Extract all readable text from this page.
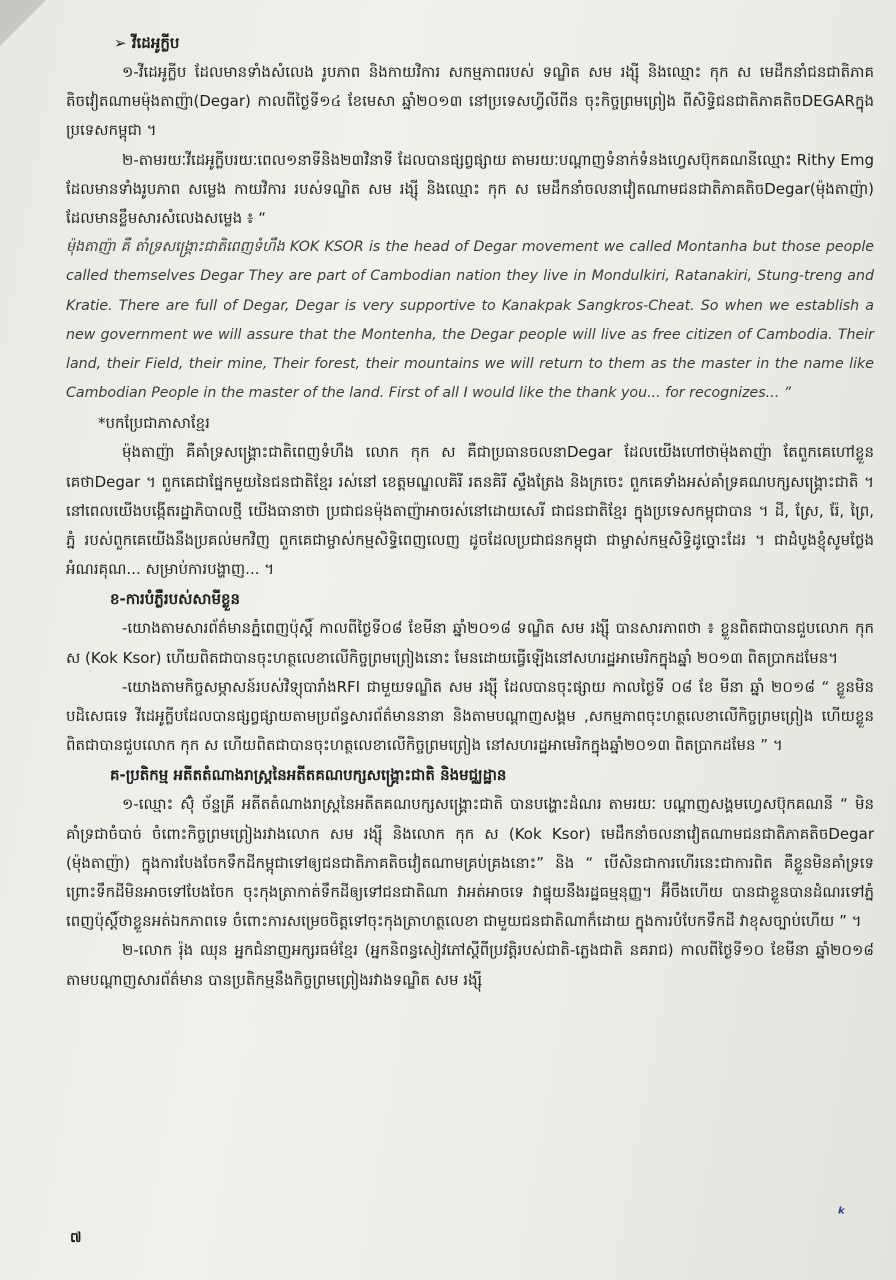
➢ វីដេអូក្លីប

១-វីដេអូក្លីប ដែលមានទាំងសំលេង រូបភាព និងកាយវិការ សកម្មភាពរបស់ ទណ្ឌិត សម រង្ស៊ី និងឈ្មោះ កុក ស មេដឹកនាំជនជាតិភាគតិចវៀតណាមម៉ុងតាញ៉ា(Degar) កាលពីថ្ងៃទី១៤ ខែមេសា ឆ្នាំ២០១៣ នៅប្រទេសហ្វីលីពីន ចុះកិច្ចព្រមព្រៀង ពីសិទ្ធិជនជាតិភាគតិចDEGARក្នុងប្រទេសកម្ពុជា ។

២-តាមរយៈវីដេអូក្លីបរយៈពេល១នាទីនិង២៣វិនាទី ដែលបានផ្សព្វផ្សាយ តាមរយៈបណ្តាញទំនាក់ទំនងហ្វេសប៊ុកគណនីឈ្មោះ Rithy Emg ដែលមានទាំងរូបភាព សម្លេង កាយវិការ របស់ទណ្ឌិត សម រង្ស៊ី និងឈ្មោះ កុក ស មេដឹកនាំចលនាវៀតណាមជនជាតិភាគតិចDegar(ម៉ុងតាញ៉ា) ដែលមានខ្លឹមសារសំលេងសម្លេង ៖ “

ម៉ុងតាញ៉ា គឺ តាំទ្រសង្គ្រោះជាតិពេញទំហឹង KOK KSOR is the head of Degar movement we called Montanha but those people called themselves Degar They are part of Cambodian nation they live in Mondulkiri, Ratanakiri, Stung-treng and Kratie. There are full of Degar, Degar is very supportive to Kanakpak Sangkros-Cheat. So when we establish a new government we will assure that the Montenha, the Degar people will live as free citizen of Cambodia. Their land, their Field, their mine, Their forest, their mountains we will return to them as the master in the name like Cambodian People in the master of the land. First of all I would like the thank you... for recognizes... ”

*បកប្រែជាភាសាខ្មែរ

ម៉ុងតាញ៉ា គឺគាំទ្រសង្គ្រោះជាតិពេញទំហឹង លោក កុក ស គឺជាប្រធានចលនាDegar ដែលយើងហៅថាម៉ុងតាញ៉ា តែពួកគេហៅខ្លួនគេថាDegar ។ ពួកគេជាផ្នែកមួយនៃជនជាតិខ្មែរ រស់នៅ ខេត្តមណ្ឌលគិរី រតនគិរី ស្ទឹងត្រែង និងក្រចេះ ពួកគេទាំងអស់គាំទ្រគណបក្សសង្គ្រោះជាតិ ។ នៅពេលយើងបង្កើតរដ្ឋាភិបាលថ្មី យើងធានាថា ប្រជាជនម៉ុងតាញ៉ាអាចរស់នៅដោយសេរី ជាជនជាតិខ្មែរ ក្នុងប្រទេសកម្ពុជាបាន ។ ដី, ស្រែ, រ៉ែ, ព្រៃ, ភ្នំ របស់ពួកគេយើងនឹងប្រគល់មកវិញ ពួកគេជាម្ចាស់កម្មសិទ្ធិពេញលេញ ដូចដែលប្រជាជនកម្ពុជា ជាម្ចាស់កម្មសិទ្ធិដូច្នោះដែរ ។ ជាដំបូងខ្ញុំសូមថ្លែងអំណរគុណ... សម្រាប់ការបង្ហាញ... ។

ខ-ការបំភ្លឺរបស់សាមីខ្លួន

-យោងតាមសារព័ត៌មានភ្នំពេញប៉ុស្តិ៍ កាលពីថ្ងៃទី០៨ ខែមីនា ឆ្នាំ២០១៨ ទណ្ឌិត សម រង្ស៊ី បានសារភាពថា ៖ ខ្លួនពិតជាបានជួបលោក កុក ស (Kok Ksor) ហើយពិតជាបានចុះហត្ថលេខាលើកិច្ចព្រមព្រៀងនោះ មែនដោយធ្វើឡើងនៅសហរដ្ឋអាមេរិកក្នុងឆ្នាំ ២០១៣ ពិតប្រាកដមែន។

-យោងតាមកិច្ចសម្ភាសន៍របស់វិទ្យុបារាំងRFI ជាមួយទណ្ឌិត សម រង្ស៊ី ដែលបានចុះផ្សាយ កាលថ្ងៃទី ០៨ ខែ មីនា ឆ្នាំ ២០១៨ “ ខ្លួនមិនបដិសេធទេ វីដេអូក្លីបដែលបានផ្សព្វផ្សាយតាមប្រព័ន្ធសារព័ត៌មាននានា និងតាមបណ្តាញសង្គម ,សកម្មភាពចុះហត្ថលេខាលើកិច្ចព្រមព្រៀង ហើយខ្លួនពិតជាបានជួបលោក កុក ស ហើយពិតជាបានចុះហត្ថលេខាលើកិច្ចព្រមព្រៀង នៅសហរដ្ឋអាមេរិកក្នុងឆ្នាំ២០១៣ ពិតប្រាកដមែន ” ។

គ-ប្រតិកម្ម អតីតតំណាងរាស្ត្រនៃអតីតគណបក្សសង្គ្រោះជាតិ និងមជ្ឈដ្ឋាន

១-ឈ្មោះ ស៊ុំ ច័ន្ទគ្រី អតីតតំណាងរាស្ត្រនៃអតីតគណបក្សសង្គ្រោះជាតិ បានបង្ហោះដំណរ តាមរយៈ បណ្តាញសង្គមហ្វេសប៊ុកគណនី “ មិនគាំទ្រជាចំបាច់ ចំពោះកិច្ចព្រមព្រៀងរវាងលោក សម រង្ស៊ី និងលោក កុក ស (Kok Ksor) មេដឹកនាំចលនាវៀតណាមជនជាតិភាគតិចDegar (ម៉ុងតាញ៉ា) ក្នុងការបែងចែកទឹកដីកម្ពុជាទៅឲ្យជនជាតិភាគតិចវៀតណាមគ្រប់គ្រងនោះ” និង “ បើសិនជាការហើរនេះជាការពិត គឺខ្លួនមិនគាំទ្រទេ ព្រោះទឹកដីមិនអាចទៅបែងចែក ចុះកុងត្រាកាត់ទឹកដីឲ្យទៅជនជាតិណា វាអត់អាចទេ វាផ្ទុយនឹងរដ្ឋធម្មនុញ្ញ។ អ៊ីចឹងហើយ បានជាខ្លួនបានដំណរទៅភ្នំពេញប៉ុស្តិ៍ថាខ្លួនអត់ឯកភាពទេ ចំពោះការសម្រេចចិត្តទៅចុះកុងត្រាហត្ថលេខា ជាមួយជនជាតិណាក៏ដោយ ក្នុងការបំបែកទឹកដី វាខុសច្បាប់ហើយ ” ។

២-លោក រ៉ុង ឈុន អ្នកជំនាញអក្សរធម៌ខ្មែរ (អ្នកនិពន្ធសៀវភៅស្តីពីប្រវត្តិរបស់ជាតិ-ភ្លេងជាតិ នគរាជ) កាលពីថ្ងៃទី១០ ខែមីនា ឆ្នាំ២០១៨ តាមបណ្តាញសារព័ត៌មាន បានប្រតិកម្មនឹងកិច្ចព្រមព្រៀងរវាងទណ្ឌិត សម រង្ស៊ី

៧
ᵏ
